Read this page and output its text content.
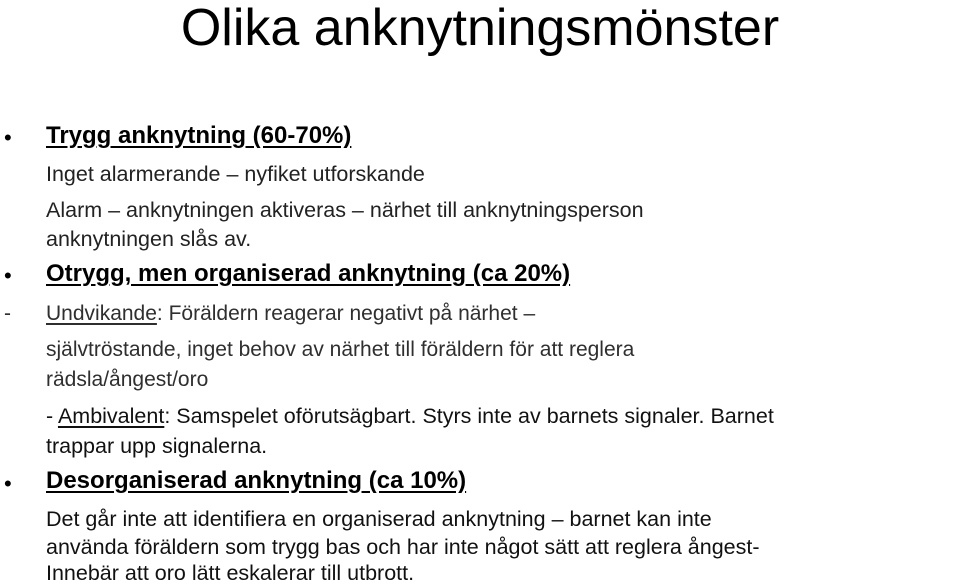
Olika anknytningsmönster
• Trygg anknytning (60-70%)
Inget alarmerande – nyfiket utforskande
Alarm – anknytningen aktiveras – närhet till anknytningsperson
anknytningen slås av.
• Otrygg, men organiserad anknytning (ca 20%)
- Undvikande: Föräldern reagerar negativt på närhet –
självtröstande, inget behov av närhet till föräldern för att reglera
rädsla/ångest/oro
- Ambivalent: Samspelet oförutsägbart. Styrs inte av barnets signaler. Barnet
trappar upp signalerna.
• Desorganiserad anknytning (ca 10%)
Det går inte att identifiera en organiserad anknytning – barnet kan inte
använda föräldern som trygg bas och har inte något sätt att reglera ångest-
Innebär att oro lätt eskalerar till utbrott.
